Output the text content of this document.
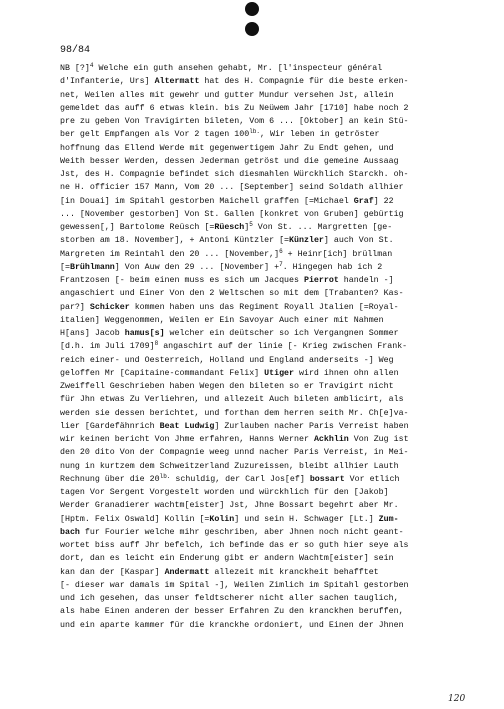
98/84
NB [?]$^4$ Welche ein guth ansehen gehabt, Mr. [l'inspecteur général
d'Infanterie, Urs] Altermatt hat des H. Compagnie für die beste erken-
net, Weilen alles mit gewehr und gutter Mundur versehen Jst, allein
gemeldet das auff 6 etwas klein. bis Zu Neüwem Jahr [1710] habe noch 2
pre zu geben Von Travigirten bileten, Vom 6 ... [Oktober] an kein Stü-
ber gelt Empfangen als Vor 2 tagen $100^{lb.}$, Wir leben in getröster
hoffnung das Ellend Werde mit gegenwertigem Jahr Zu Endt gehen, und
Weith besser Werden, dessen Jederman getröst und die gemeine Aussaag
Jst, des H. Compagnie befindet sich diesmahlen Würckhlich Starckh. oh-
ne H. officier 157 Mann, Vom 20 ... [September] seind Soldath allhier
[in Douai] im Spitahl gestorben Maichell graffen [=Michael Graf] 22
... [November gestorben] Von St. Gallen [konkret von Gruben] gebürtig
gewessen[,] Bartolome Reüsch [=Rüesch]$^5$ Von St. ... Margretten [ge-
storben am 18. November], + Antoni Küntzler [=Künzler] auch Von St.
Margreten im Reintahl den 20 ... [November,]$^6$ + Heinr[ich] brüllman
[=Brühlmann] Von Auw den 29 ... [November] +$^7$. Hingegen hab ich 2
Frantzosen [- beim einen muss es sich um Jacques Pierrot handeln -]
angaschiert und Einer Von den 2 Weltschen so mit dem [Trabanten? Kas-
par?] Schicker kommen haben uns das Regiment Royall Jtalien [=Royal-
italien] Weggenommen, Weilen er Ein Savoyar Auch einer mit Nahmen
H[ans] Jacob hamus[s] welcher ein deütscher so ich Vergangnen Sommer
[d.h. im Juli 1709]$^8$ angaschirt auf der linie [- Krieg zwischen Frank-
reich einer- und Oesterreich, Holland und England anderseits -] Weg
geloffen Mr [Capitaine-commandant Felix] Utiger wird ihnen ohn allen
Zweiffell Geschrieben haben Wegen den bileten so er Travigirt nicht
für Jhn etwas Zu Verliehren, und allezeit Auch bileten amblicirt, als
werden sie dessen berichtet, und forthan dem herren seith Mr. Ch[e]va-
lier [Gardefähnrich Beat Ludwig] Zurlauben nacher Paris Verreist haben
wir keinen bericht Von Jhme erfahren, Hanns Werner Ackhlin Von Zug ist
den 20 dito Von der Compagnie weeg unnd nacher Paris Verreist, in Mei-
nung in kurtzem dem Schweitzerland Zuzureissen, bleibt allhier Lauth
Rechnung über die $20^{lb.}$ schuldig, der Carl Jos[ef] bossart Vor etlich
tagen Vor Sergent Vorgestelt worden und würckhlich für den [Jakob]
Werder Granadierer wachtm[eister] Jst, Jhne Bossart begehrt aber Mr.
[Hptm. Felix Oswald] Kollin [=Kolin] und sein H. Schwager [Lt.] Zum-
bach fur Fourier welche mihr geschriben, aber Jhnen noch nicht geant-
wortet biss auff Jhr befelch, ich befinde das er so guth hier seye als
dort, dan es leicht ein Enderung gibt er andern Wachtm[eister] sein
kan dan der [Kaspar] Andermatt allezeit mit kranckheit behafftet
[- dieser war damals im Spital -], Weilen Zimlich im Spitahl gestorben
und ich gesehen, das unser feldtscherer nicht aller sachen tauglich,
als habe Einen anderen der besser Erfahren Zu den kranckhen beruffen,
und ein aparte kammer für die kranckhe ordoniert, und Einen der Jhnen
120
